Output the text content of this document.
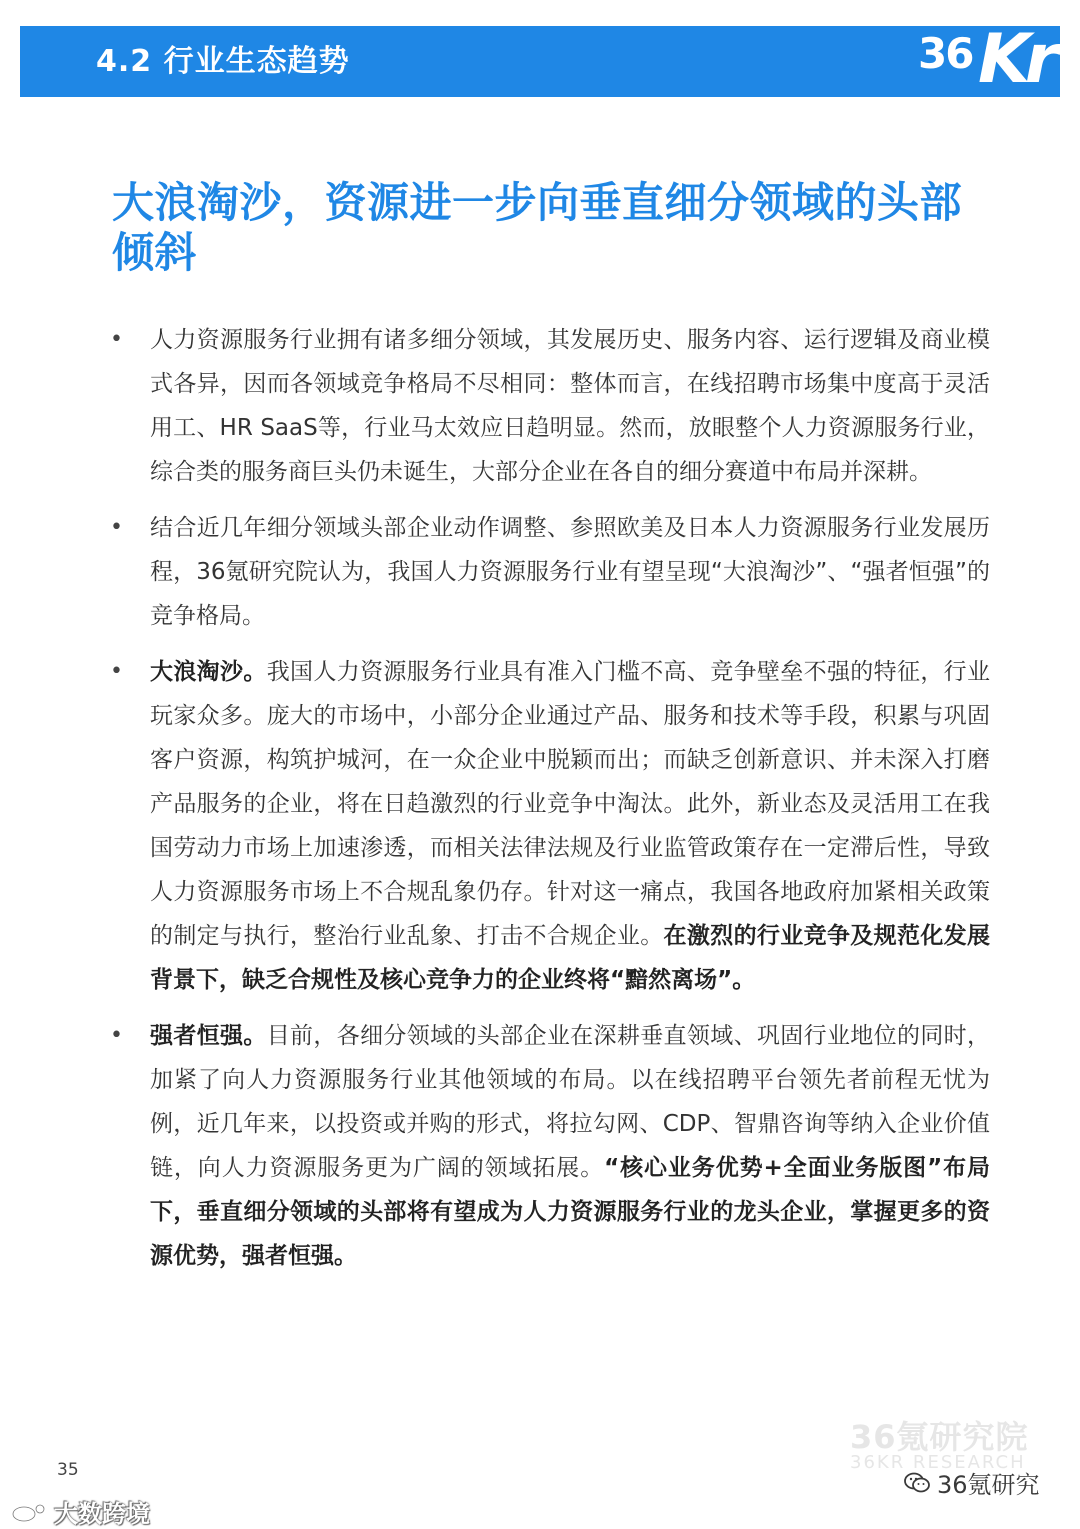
4.2 行业生态趋势	36 Kr
大浪淘沙，资源进一步向垂直细分领域的头部倾斜
• 人力资源服务行业拥有诸多细分领域，其发展历史、服务内容、运行逻辑及商业模式各异，因而各领域竞争格局不尽相同：整体而言，在线招聘市场集中度高于灵活用工、HR SaaS等，行业马太效应日趋明显。然而，放眼整个人力资源服务行业，综合类的服务商巨头仍未诞生，大部分企业在各自的细分赛道中布局并深耕。
• 结合近几年细分领域头部企业动作调整、参照欧美及日本人力资源服务行业发展历程，36氪研究院认为，我国人力资源服务行业有望呈现“大浪淘沙”、“强者恒强”的竞争格局。
• 大浪淘沙。我国人力资源服务行业具有准入门槛不高、竞争壁垒不强的特征，行业玩家众多。庞大的市场中，小部分企业通过产品、服务和技术等手段，积累与巩固客户资源，构筑护城河，在一众企业中脱颖而出；而缺乏创新意识、并未深入打磨产品服务的企业，将在日趋激烈的行业竞争中淘汰。此外，新业态及灵活用工在我国劳动力市场上加速渗透，而相关法律法规及行业监管政策存在一定滞后性，导致人力资源服务市场上不合规乱象仍存。针对这一痛点，我国各地政府加紧相关政策的制定与执行，整治行业乱象、打击不合规企业。在激烈的行业竞争及规范化发展背景下，缺乏合规性及核心竞争力的企业终将“黯然离场”。
• 强者恒强。目前，各细分领域的头部企业在深耕垂直领域、巩固行业地位的同时，加紧了向人力资源服务行业其他领域的布局。以在线招聘平台领先者前程无忧为例，近几年来，以投资或并购的形式，将拉勾网、CDP、智鼎咨询等纳入企业价值链，向人力资源服务更为广阔的领域拓展。“核心业务优势+全面业务版图”布局下，垂直细分领域的头部将有望成为人力资源服务行业的龙头企业，掌握更多的资源优势，强者恒强。
35
36氪研究院
36KR RESEARCH
36氪研究
大数跨境
